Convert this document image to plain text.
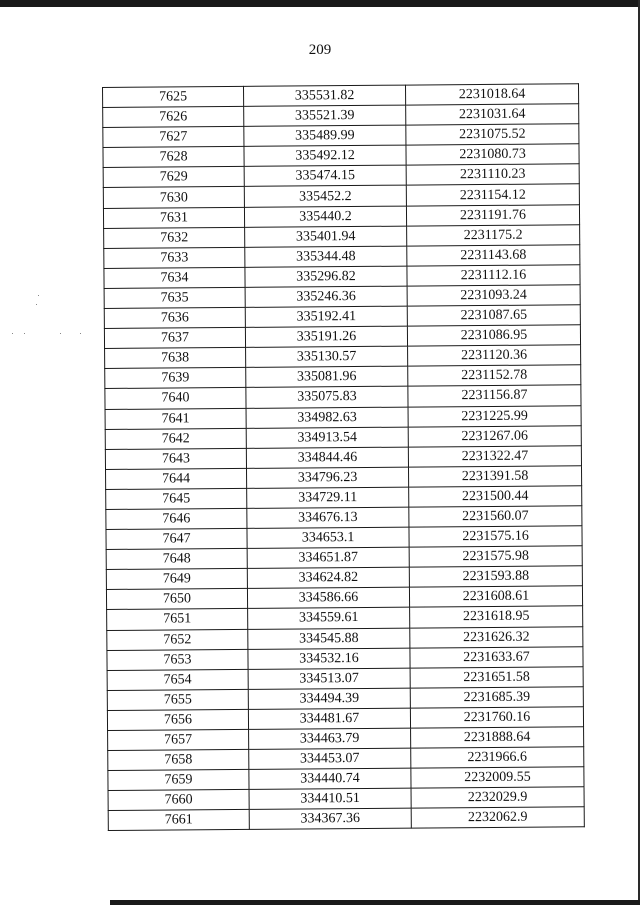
209
7625	335531.82	2231018.64
7626	335521.39	2231031.64
7627	335489.99	2231075.52
7628	335492.12	2231080.73
7629	335474.15	2231110.23
7630	335452.2	2231154.12
7631	335440.2	2231191.76
7632	335401.94	2231175.2
7633	335344.48	2231143.68
7634	335296.82	2231112.16
7635	335246.36	2231093.24
7636	335192.41	2231087.65
7637	335191.26	2231086.95
7638	335130.57	2231120.36
7639	335081.96	2231152.78
7640	335075.83	2231156.87
7641	334982.63	2231225.99
7642	334913.54	2231267.06
7643	334844.46	2231322.47
7644	334796.23	2231391.58
7645	334729.11	2231500.44
7646	334676.13	2231560.07
7647	334653.1	2231575.16
7648	334651.87	2231575.98
7649	334624.82	2231593.88
7650	334586.66	2231608.61
7651	334559.61	2231618.95
7652	334545.88	2231626.32
7653	334532.16	2231633.67
7654	334513.07	2231651.58
7655	334494.39	2231685.39
7656	334481.67	2231760.16
7657	334463.79	2231888.64
7658	334453.07	2231966.6
7659	334440.74	2232009.55
7660	334410.51	2232029.9
7661	334367.36	2232062.9
